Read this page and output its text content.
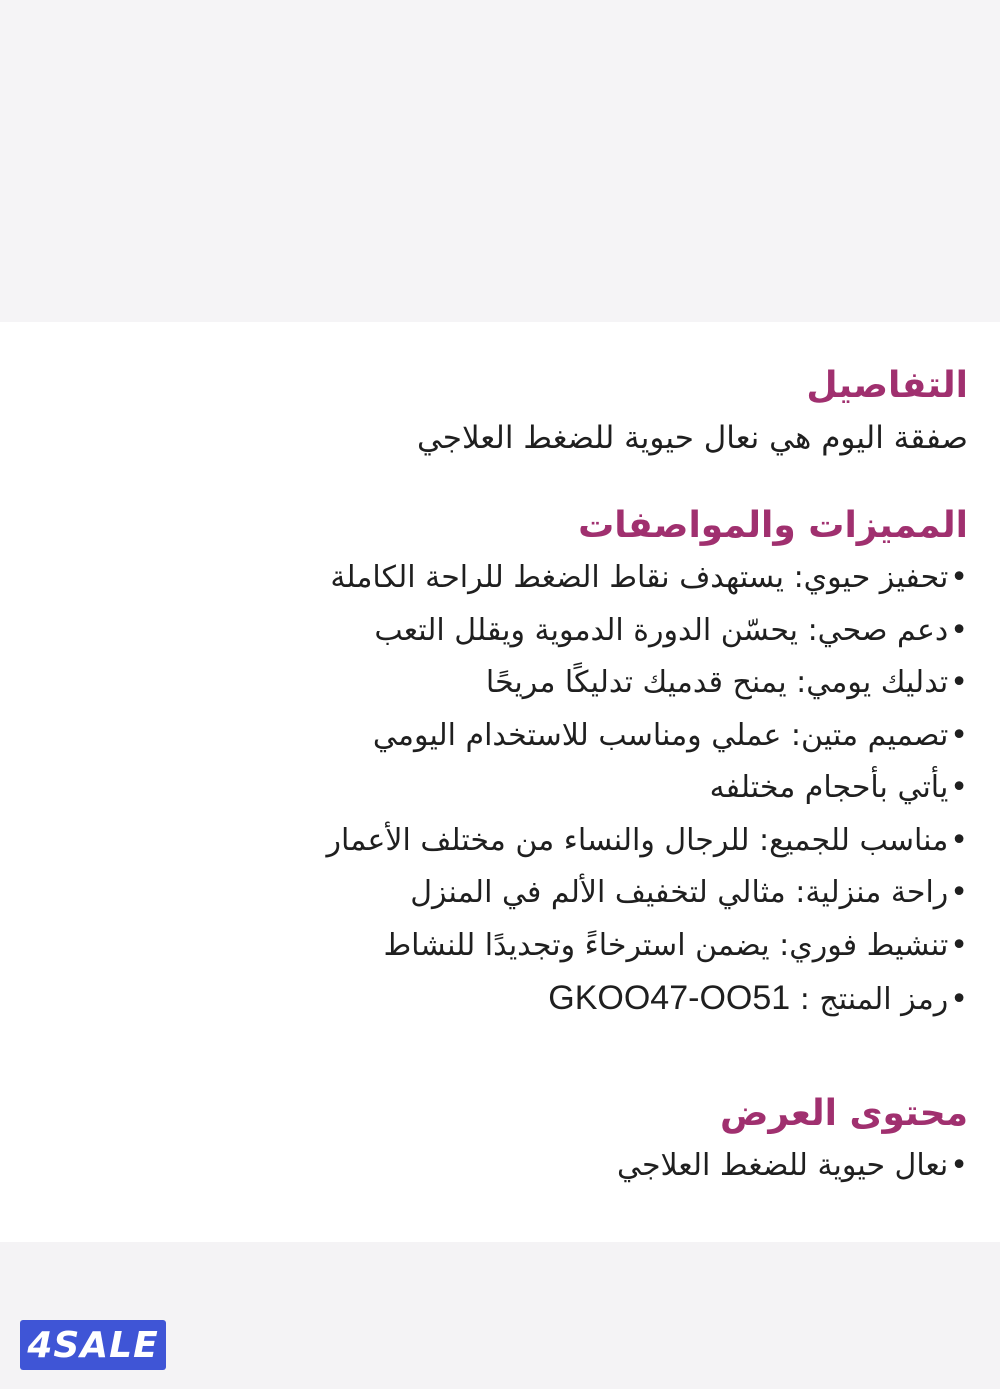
التفاصيل

صفقة اليوم هي نعال حيوية للضغط العلاجي

المميزات والمواصفات
•تحفيز حيوي: يستهدف نقاط الضغط للراحة الكاملة
•دعم صحي: يحسّن الدورة الدموية ويقلل التعب
•تدليك يومي: يمنح قدميك تدليكًا مريحًا
•تصميم متين: عملي ومناسب للاستخدام اليومي
•يأتي بأحجام مختلفه
•مناسب للجميع: للرجال والنساء من مختلف الأعمار
•راحة منزلية: مثالي لتخفيف الألم في المنزل
•تنشيط فوري: يضمن استرخاءً وتجديدًا للنشاط
•رمز المنتج : GKOO47-OO51
محتوى العرض
•نعال حيوية للضغط العلاجي
4SALE
